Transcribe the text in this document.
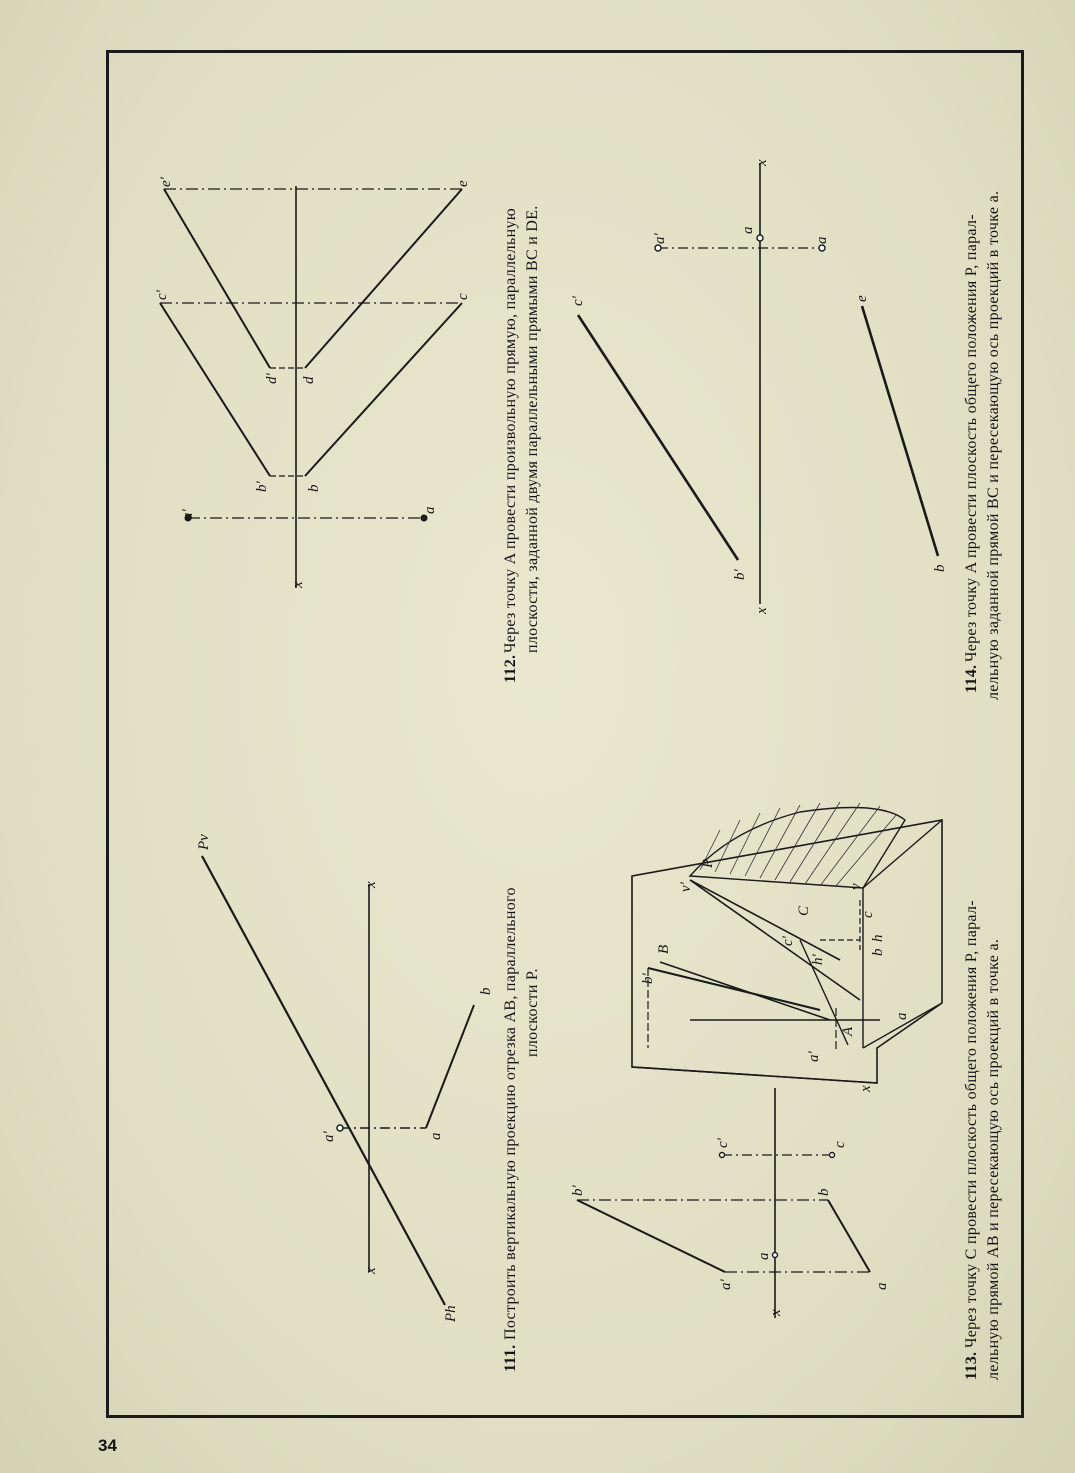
34
Pv
x
a'
b
a
x
Ph
e'	e
c'	c
d' d
b' b
a'	a
x
b'
a'
a
b
a
c'	c
x
P
v'
B
b'
C
c'
h'
c
b
h
v
a'
A
a
x
c'
b'
x
e
b
a'
a
a
x
111.
Построить вертикальную проекцию отрезка AB, параллельного плоскости P.
112.
Через точку A провести произвольную прямую, параллельную плоскости, заданной двумя параллельными прямыми BC и DE.
113.
Через точку C провести плоскость общего положения P, парал- лельную прямой AB и пересекающую ось проекций в точке a.
114.
Через точку A провести плоскость общего положения P, парал- лельную заданной прямой BC и пересекающую ось проекций в точке a.
